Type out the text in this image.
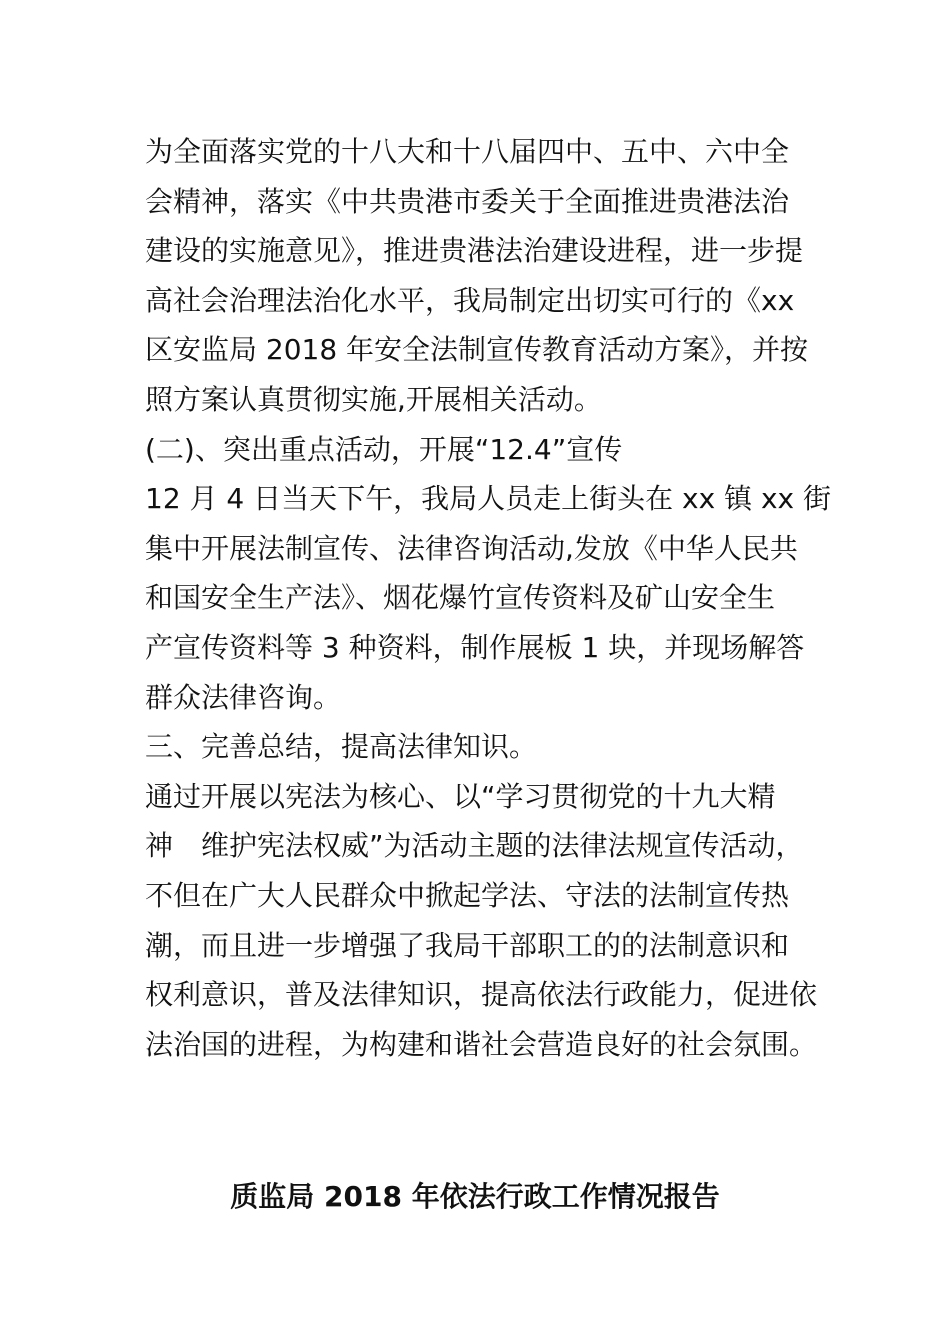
为全面落实党的十八大和十八届四中、五中、六中全
会精神，落实《中共贵港市委关于全面推进贵港法治
建设的实施意见》，推进贵港法治建设进程，进一步提
高社会治理法治化水平，我局制定出切实可行的《xx
区安监局 2018 年安全法制宣传教育活动方案》，并按
照方案认真贯彻实施,开展相关活动。
(二)、突出重点活动，开展“12.4”宣传
12 月 4 日当天下午，我局人员走上街头在 xx 镇 xx 街
集中开展法制宣传、法律咨询活动,发放《中华人民共
和国安全生产法》、烟花爆竹宣传资料及矿山安全生
产宣传资料等 3 种资料，制作展板 1 块，并现场解答
群众法律咨询。
三、完善总结，提高法律知识。
通过开展以宪法为核心、以“学习贯彻党的十九大精
神　维护宪法权威”为活动主题的法律法规宣传活动，
不但在广大人民群众中掀起学法、守法的法制宣传热
潮，而且进一步增强了我局干部职工的的法制意识和
权利意识，普及法律知识，提高依法行政能力，促进依
法治国的进程，为构建和谐社会营造良好的社会氛围。
质监局 2018 年依法行政工作情况报告
